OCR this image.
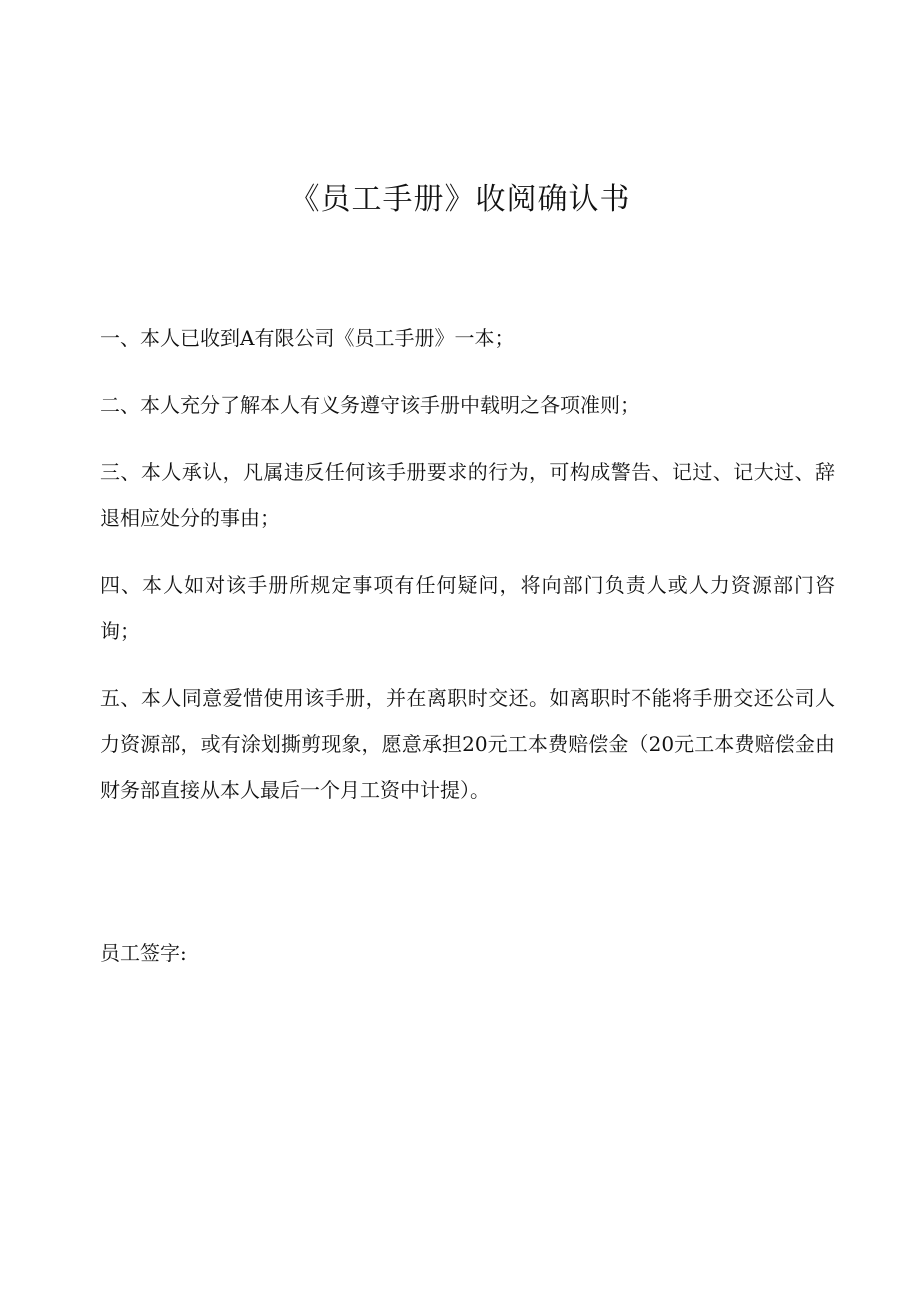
《员工手册》收阅确认书

一、本人已收到A有限公司《员工手册》一本；

二、本人充分了解本人有义务遵守该手册中载明之各项准则；

三、本人承认，凡属违反任何该手册要求的行为，可构成警告、记过、记大过、辞退相应处分的事由；

四、本人如对该手册所规定事项有任何疑问，将向部门负责人或人力资源部门咨询；

五、本人同意爱惜使用该手册，并在离职时交还。如离职时不能将手册交还公司人力资源部，或有涂划撕剪现象，愿意承担20元工本费赔偿金（20元工本费赔偿金由财务部直接从本人最后一个月工资中计提）。

员工签字:
